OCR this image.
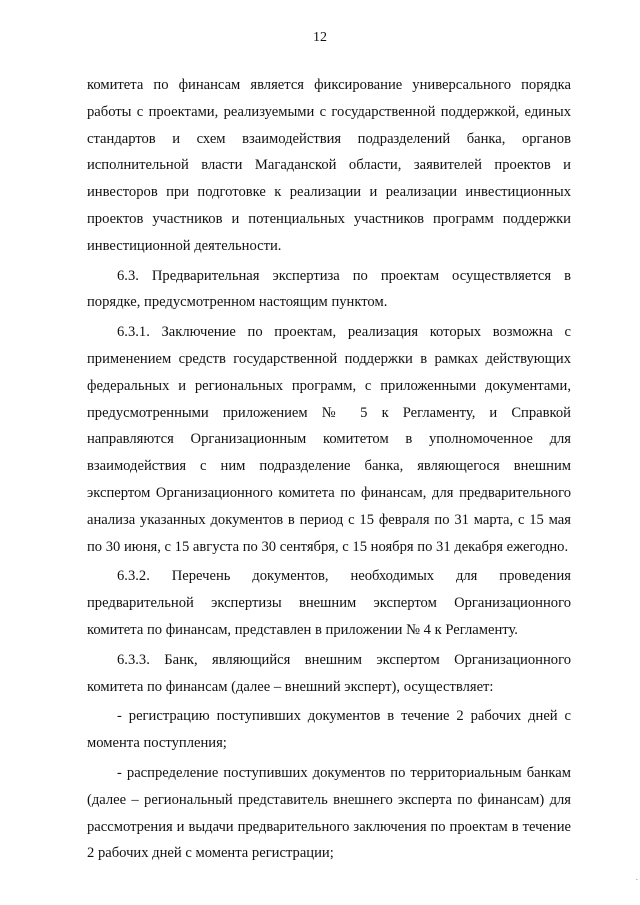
12

комитета по финансам является фиксирование универсального порядка работы с проектами, реализуемыми с государственной поддержкой, единых стандартов и схем взаимодействия подразделений банка, органов исполнительной власти Магаданской области, заявителей проектов и инвесторов при подготовке к реализации и реализации инвестиционных проектов участников и потенциальных участников программ поддержки инвестиционной деятельности.

6.3. Предварительная экспертиза по проектам осуществляется в порядке, предусмотренном настоящим пунктом.

6.3.1. Заключение по проектам, реализация которых возможна с применением средств государственной поддержки в рамках действующих федеральных и региональных программ, с приложенными документами, предусмотренными приложением № 5 к Регламенту, и Справкой направляются Организационным комитетом в уполномоченное для взаимодействия с ним подразделение банка, являющегося внешним экспертом Организационного комитета по финансам, для предварительного анализа указанных документов в период с 15 февраля по 31 марта, с 15 мая по 30 июня, с 15 августа по 30 сентября, с 15 ноября по 31 декабря ежегодно.

6.3.2. Перечень документов, необходимых для проведения предварительной экспертизы внешним экспертом Организационного комитета по финансам, представлен в приложении № 4 к Регламенту.

6.3.3. Банк, являющийся внешним экспертом Организационного комитета по финансам (далее – внешний эксперт), осуществляет:

- регистрацию поступивших документов в течение 2 рабочих дней с момента поступления;

- распределение поступивших документов по территориальным банкам (далее – региональный представитель внешнего эксперта по финансам) для рассмотрения и выдачи предварительного заключения по проектам в течение 2 рабочих дней с момента регистрации;

.
